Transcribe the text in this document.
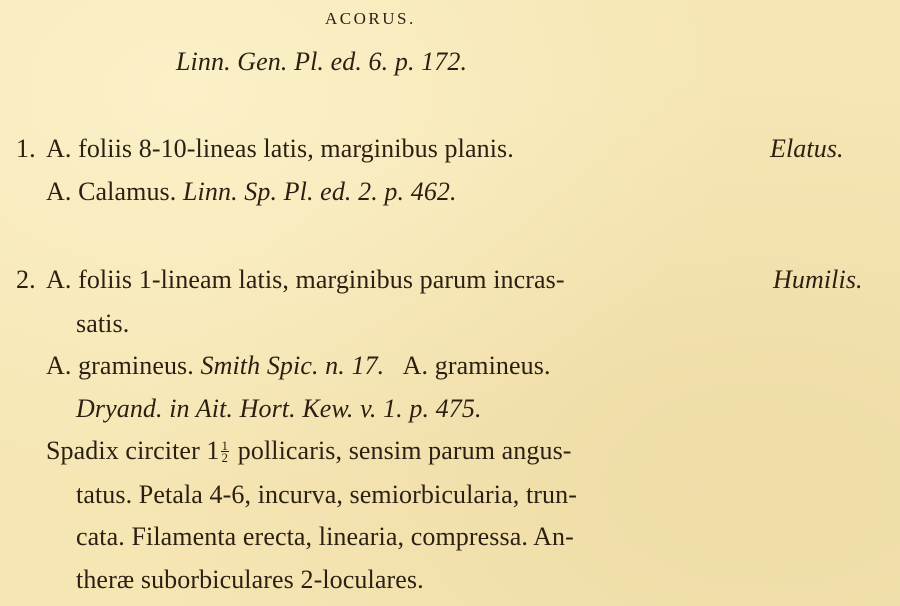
ACORUS.
Linn. Gen. Pl. ed. 6. p. 172.
1. A. foliis 8-10-lineas latis, marginibus planis.	Elatus.
A. Calamus. Linn. Sp. Pl. ed. 2. p. 462.
2. A. foliis 1-lineam latis, marginibus parum incras-	Humilis.
satis.
A. gramineus. Smith Spic. n. 17. A. gramineus.
Dryand. in Ait. Hort. Kew. v. 1. p. 475.
Spadix circiter $1 \frac{1}{2}$ pollicaris, sensim parum angus-
tatus. Petala 4-6, incurva, semiorbicularia, trun-
cata. Filamenta erecta, linearia, compressa. An-
theræ suborbiculares 2-loculares.
